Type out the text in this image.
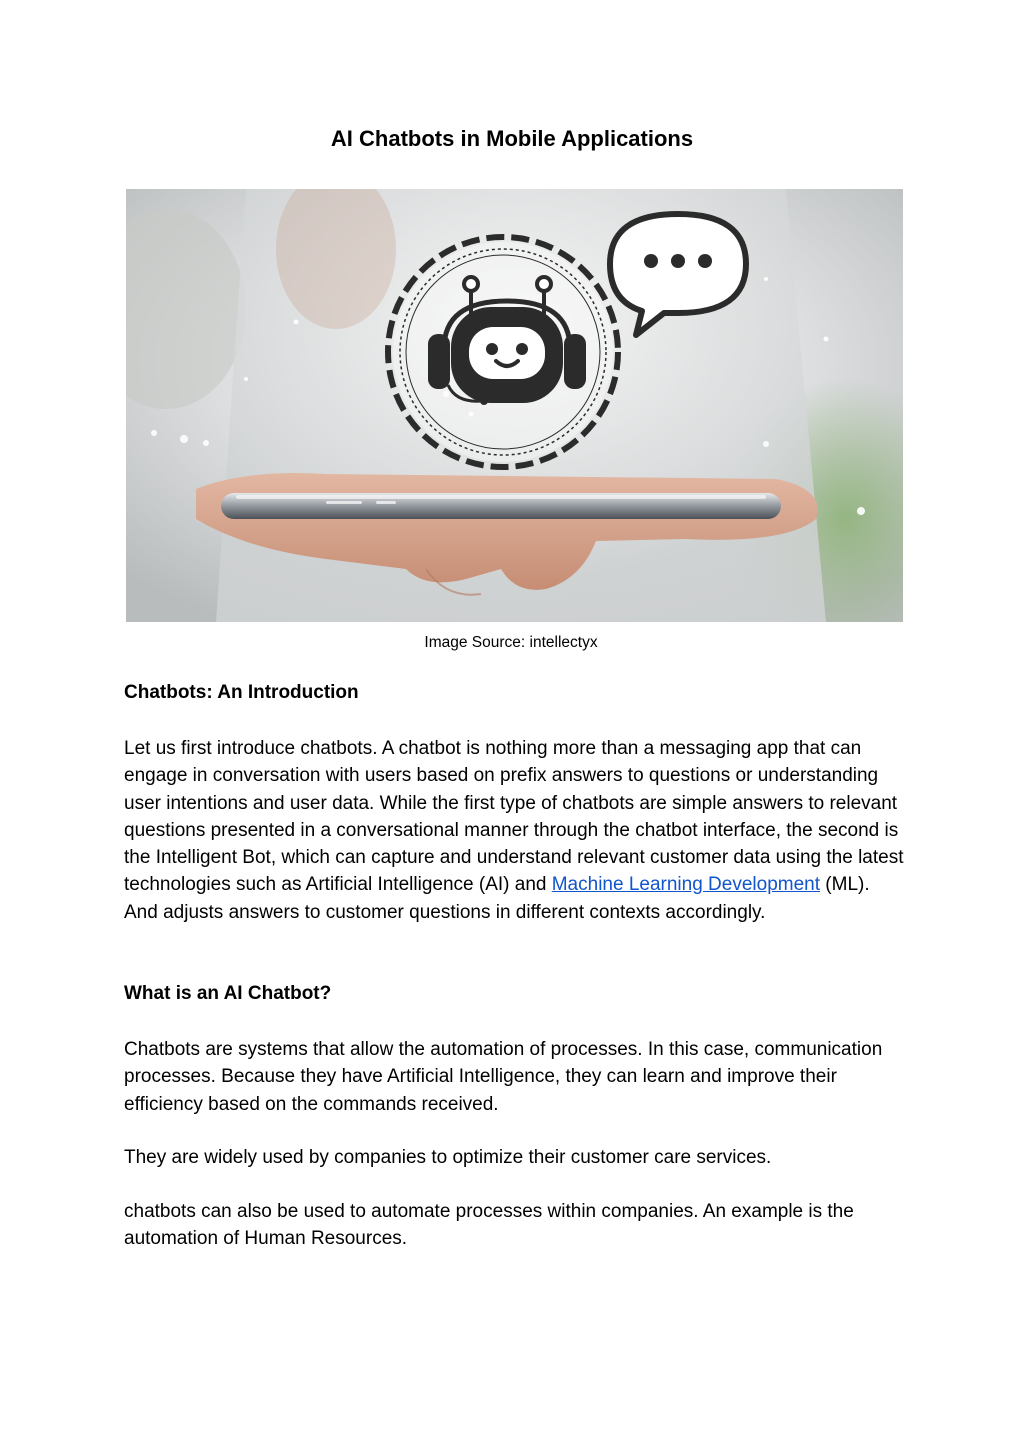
AI Chatbots in Mobile Applications
Image Source: intellectyx
Chatbots: An Introduction

Let us first introduce chatbots. A chatbot is nothing more than a messaging app that can engage in conversation with users based on prefix answers to questions or understanding user intentions and user data. While the first type of chatbots are simple answers to relevant questions presented in a conversational manner through the chatbot interface, the second is the Intelligent Bot, which can capture and understand relevant customer data using the latest technologies such as Artificial Intelligence (AI) and Machine Learning Development (ML). And adjusts answers to customer questions in different contexts accordingly.

What is an AI Chatbot?

Chatbots are systems that allow the automation of processes. In this case, communication processes. Because they have Artificial Intelligence, they can learn and improve their efficiency based on the commands received.

They are widely used by companies to optimize their customer care services.

chatbots can also be used to automate processes within companies. An example is the automation of Human Resources.
